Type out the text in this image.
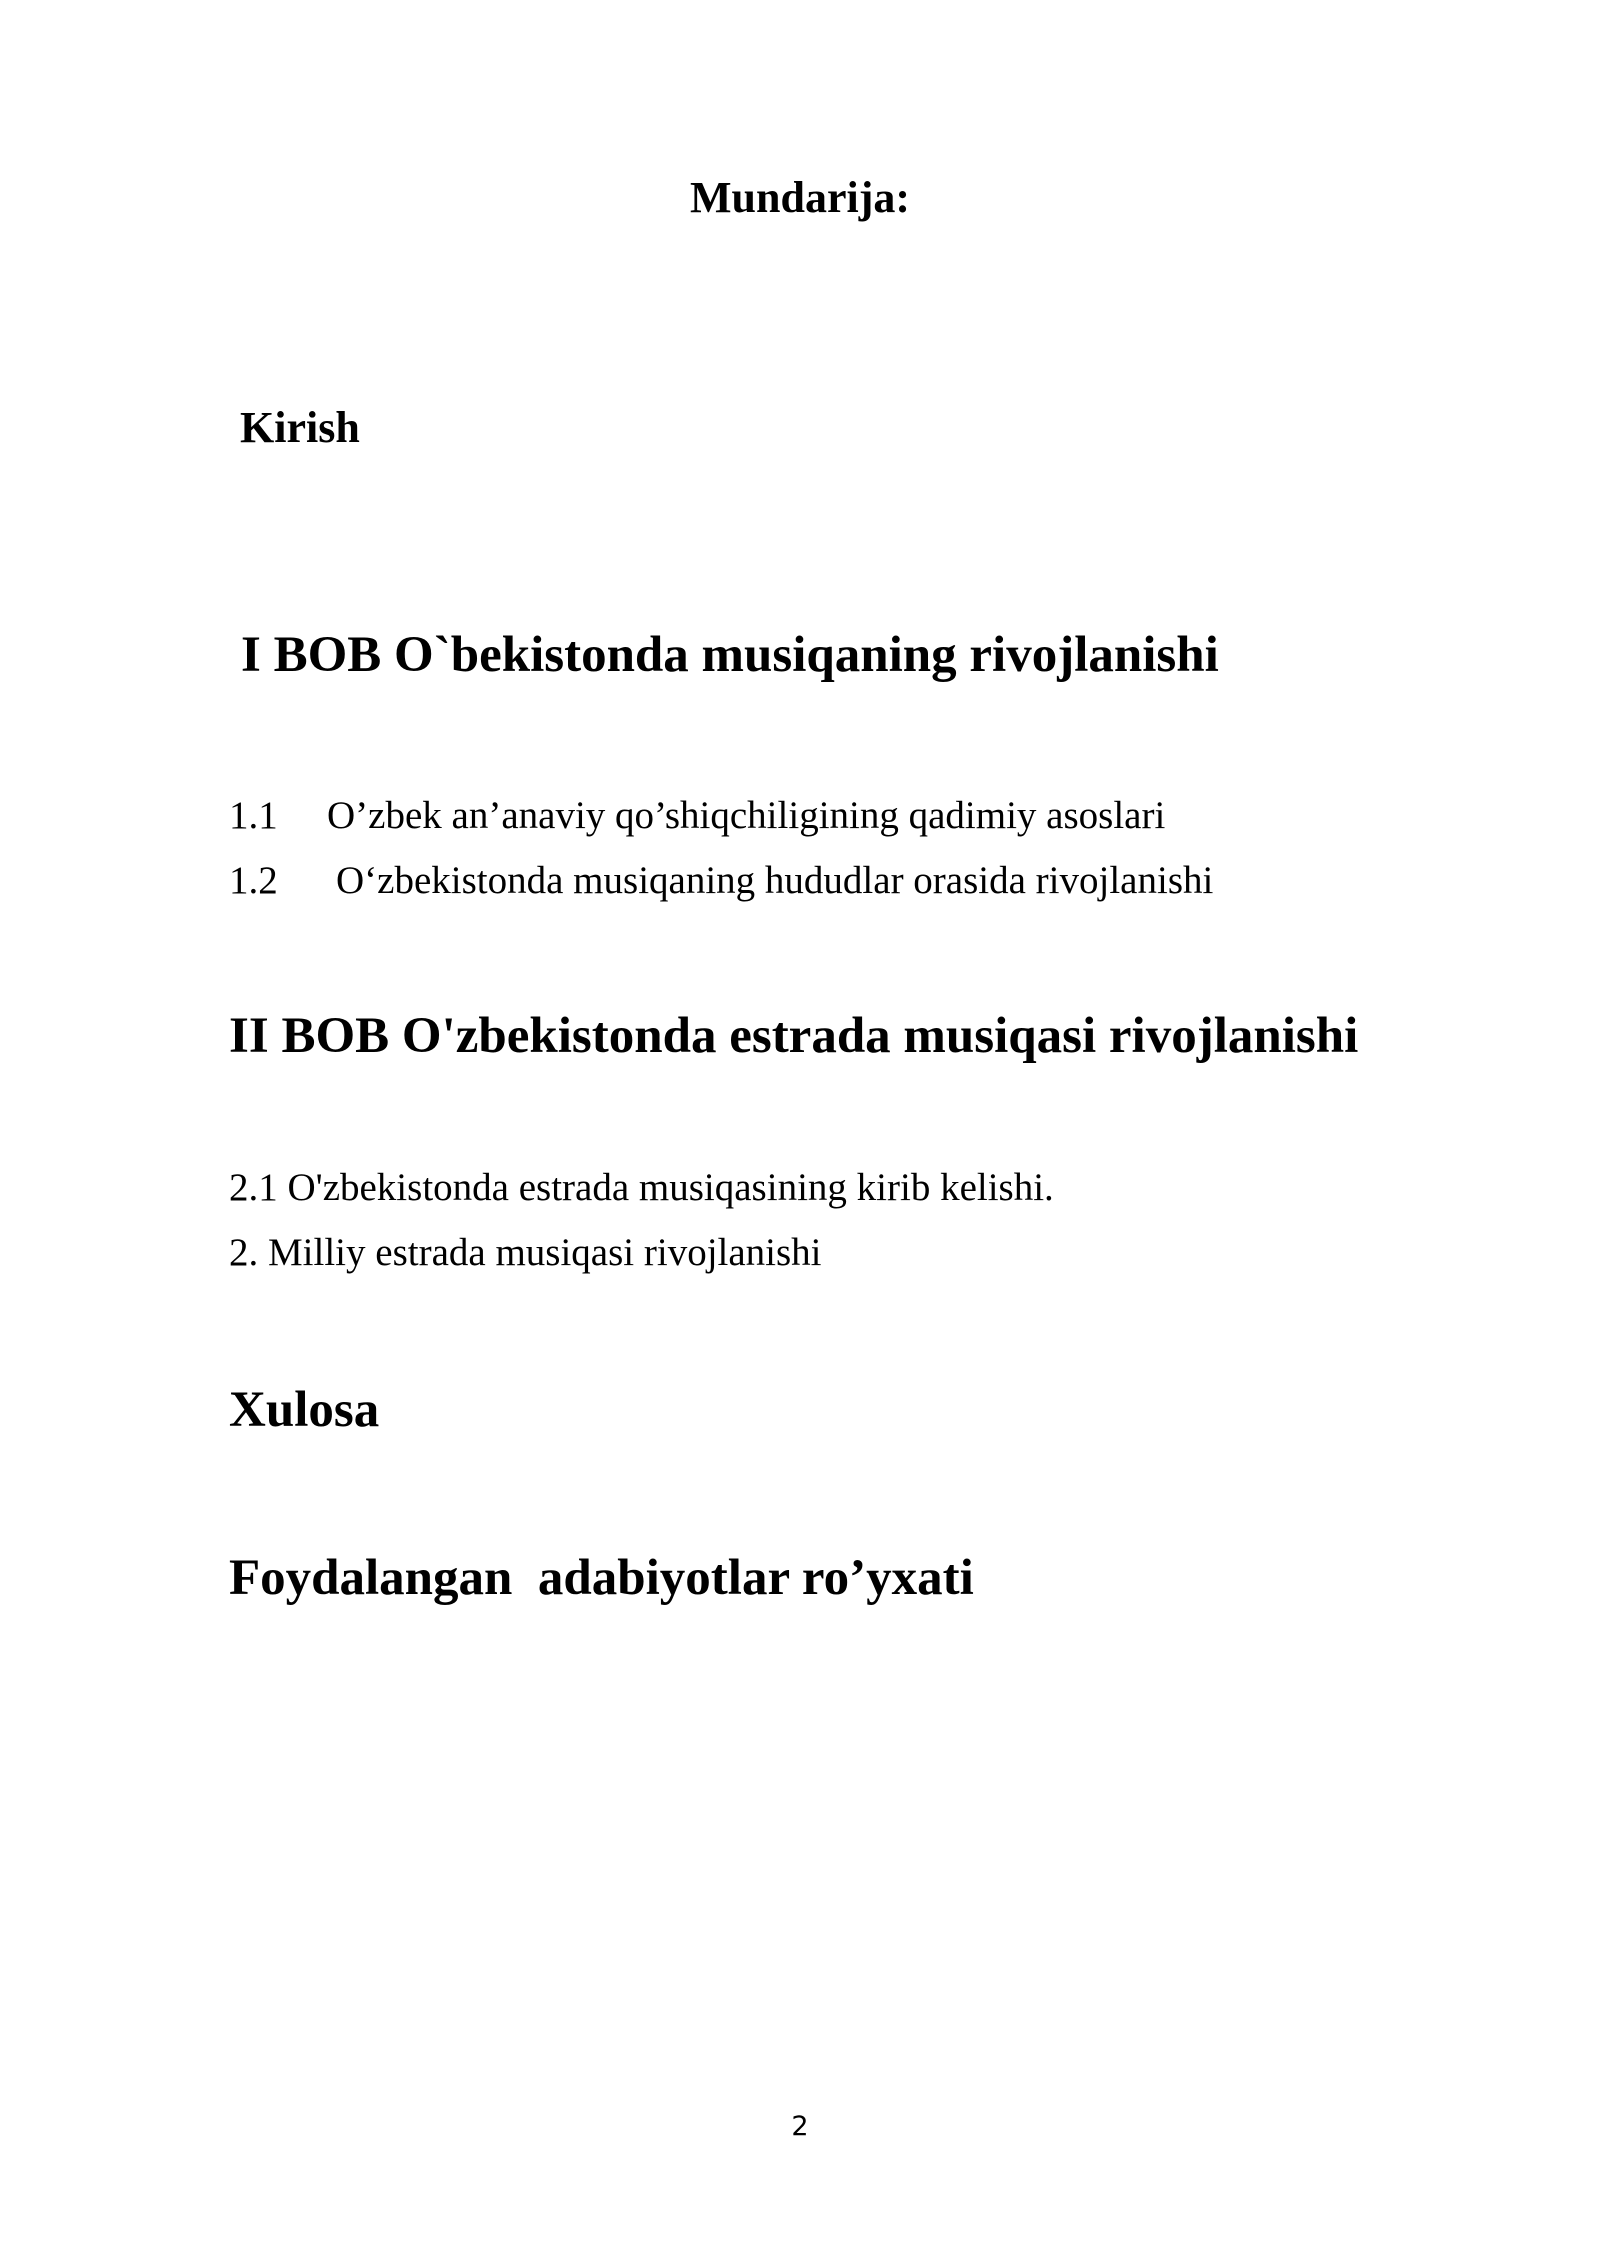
Mundarija:
Kirish
I BOB O`bekistonda musiqaning rivojlanishi
1.1 O’zbek an’anaviy qo’shiqchiligining qadimiy asoslari
1.2 O‘zbekistonda musiqaning hududlar orasida rivojlanishi
II BOB O'zbekistonda estrada musiqasi rivojlanishi
2.1 O'zbekistonda estrada musiqasining kirib kelishi.
2. Milliy estrada musiqasi rivojlanishi
Xulosa
Foydalangan  adabiyotlar ro’yxati
2
